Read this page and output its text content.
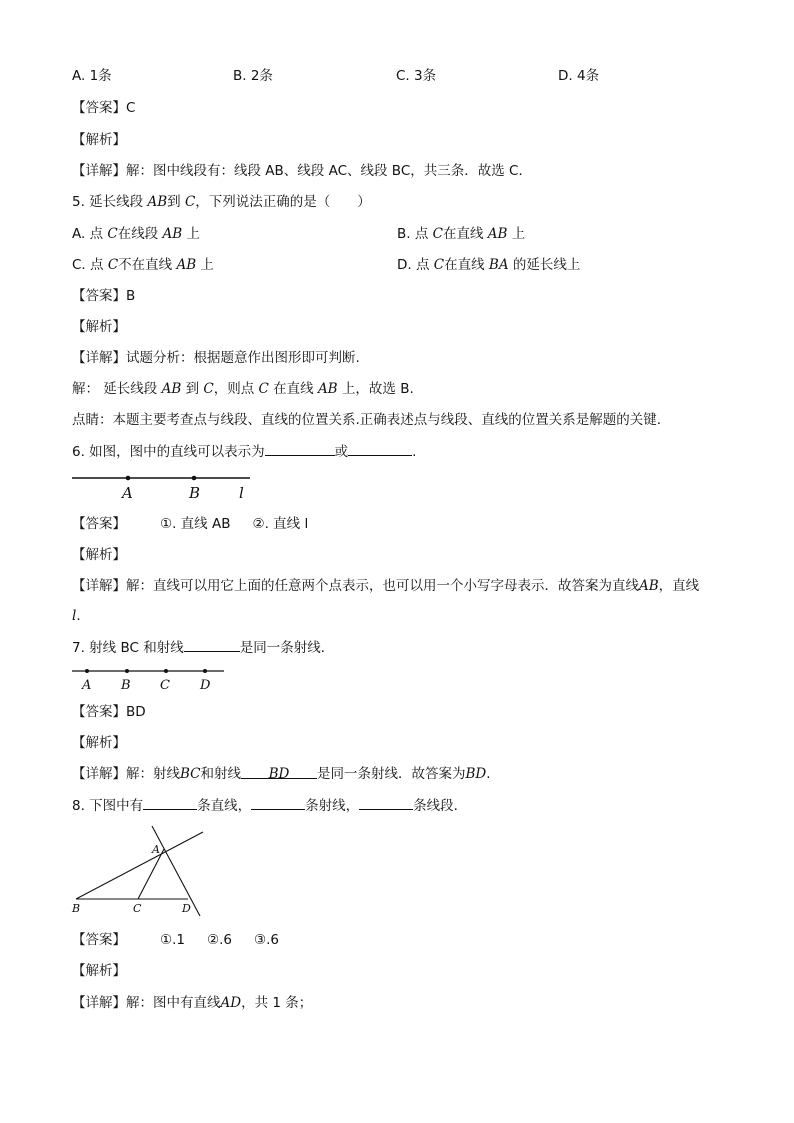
A. 1条	B. 2条	C. 3条	D. 4条
【答案】C
【解析】
【详解】解：图中线段有：线段 AB、线段 AC、线段 BC，共三条．故选 C．
5. 延长线段 AB到 C，下列说法正确的是（　　）
A. 点 C在线段 AB 上	B. 点 C在直线 AB 上
C. 点 C不在直线 AB 上	D. 点 C在直线 BA 的延长线上
【答案】B
【解析】
【详解】试题分析：根据题意作出图形即可判断.
解： 延长线段 AB 到 C，则点 C 在直线 AB 上，故选 B.
点睛：本题主要考查点与线段、直线的位置关系.正确表述点与线段、直线的位置关系是解题的关键.
6. 如图，图中的直线可以表示为	或	.
A	B	l
【答案】	①. 直线 AB ②. 直线 l
【解析】
【详解】解：直线可以用它上面的任意两个点表示，也可以用一个小写字母表示．故答案为直线AB，直线
l.
7. 射线 BC 和射线	是同一条射线．
A B C D
【答案】BD
【解析】
【详解】解：射线BC和射线 BD 是同一条射线．故答案为BD.
8. 下图中有	条直线，	条射线，	条线段．
A
B	C	D
【答案】	①.1 ②.6 ③.6
【解析】
【详解】解：图中有直线AD，共 1 条；
